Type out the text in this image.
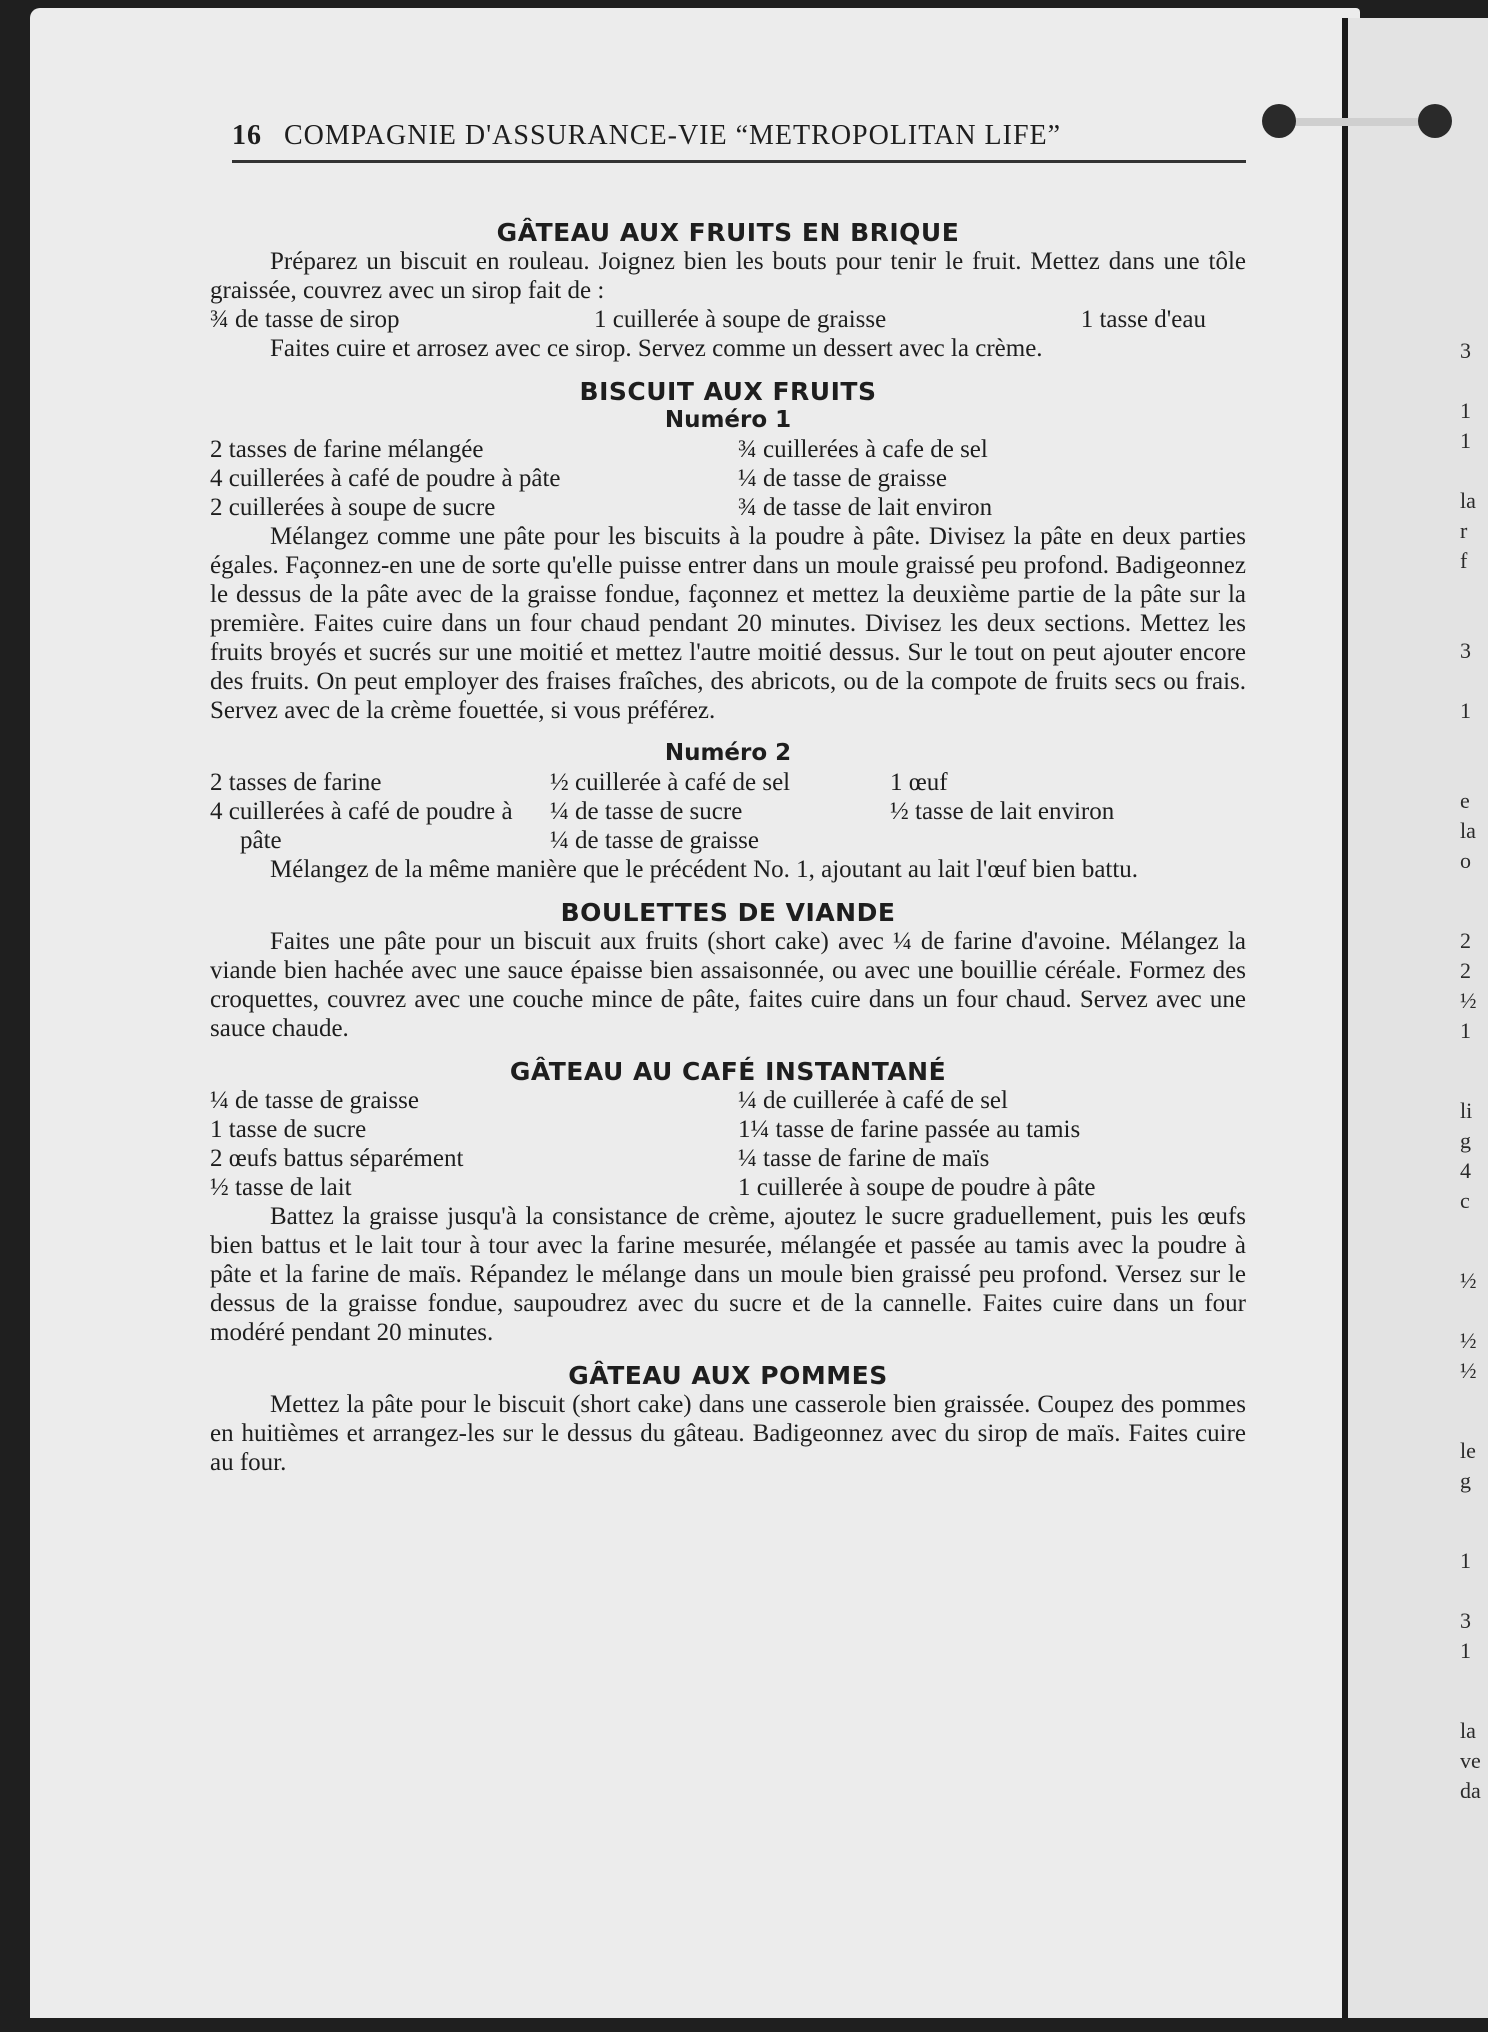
3
1
1
la
r
f
3
1
e
la
o
2
2
½
1
li
g
4
c
½
½
½
le
g
1
3
1
la
ve
da
16 COMPAGNIE D'ASSURANCE-VIE “METROPOLITAN LIFE”
GÂTEAU AUX FRUITS EN BRIQUE

Préparez un biscuit en rouleau. Joignez bien les bouts pour tenir le fruit. Mettez dans une tôle graissée, couvrez avec un sirop fait de :

¾ de tasse de sirop	1 cuillerée à soupe de graisse	1 tasse d'eau

Faites cuire et arrosez avec ce sirop. Servez comme un dessert avec la crème.

BISCUIT AUX FRUITS
Numéro 1
2 tasses de farine mélangée
4 cuillerées à café de poudre à pâte
2 cuillerées à soupe de sucre
¾ cuillerées à cafe de sel
¼ de tasse de graisse
¾ de tasse de lait environ

Mélangez comme une pâte pour les biscuits à la poudre à pâte. Divisez la pâte en deux parties égales. Façonnez-en une de sorte qu'elle puisse entrer dans un moule graissé peu profond. Badigeonnez le dessus de la pâte avec de la graisse fondue, façonnez et mettez la deuxième partie de la pâte sur la première. Faites cuire dans un four chaud pendant 20 minutes. Divisez les deux sections. Mettez les fruits broyés et sucrés sur une moitié et mettez l'autre moitié dessus. Sur le tout on peut ajouter encore des fruits. On peut employer des fraises fraîches, des abricots, ou de la compote de fruits secs ou frais. Servez avec de la crème fouettée, si vous préférez.

Numéro 2
2 tasses de farine
4 cuillerées à café de poudre à pâte
½ cuillerée à café de sel
¼ de tasse de sucre
¼ de tasse de graisse
1 œuf
½ tasse de lait environ

Mélangez de la même manière que le précédent No. 1, ajoutant au lait l'œuf bien battu.

BOULETTES DE VIANDE

Faites une pâte pour un biscuit aux fruits (short cake) avec ¼ de farine d'avoine. Mélangez la viande bien hachée avec une sauce épaisse bien assaisonnée, ou avec une bouillie céréale. Formez des croquettes, couvrez avec une couche mince de pâte, faites cuire dans un four chaud. Servez avec une sauce chaude.

GÂTEAU AU CAFÉ INSTANTANÉ
¼ de tasse de graisse
1 tasse de sucre
2 œufs battus séparément
½ tasse de lait
¼ de cuillerée à café de sel
1¼ tasse de farine passée au tamis
¼ tasse de farine de maïs
1 cuillerée à soupe de poudre à pâte

Battez la graisse jusqu'à la consistance de crème, ajoutez le sucre graduellement, puis les œufs bien battus et le lait tour à tour avec la farine mesurée, mélangée et passée au tamis avec la poudre à pâte et la farine de maïs. Répandez le mélange dans un moule bien graissé peu profond. Versez sur le dessus de la graisse fondue, saupoudrez avec du sucre et de la cannelle. Faites cuire dans un four modéré pendant 20 minutes.

GÂTEAU AUX POMMES

Mettez la pâte pour le biscuit (short cake) dans une casserole bien graissée. Coupez des pommes en huitièmes et arrangez-les sur le dessus du gâteau. Badigeonnez avec du sirop de maïs. Faites cuire au four.
